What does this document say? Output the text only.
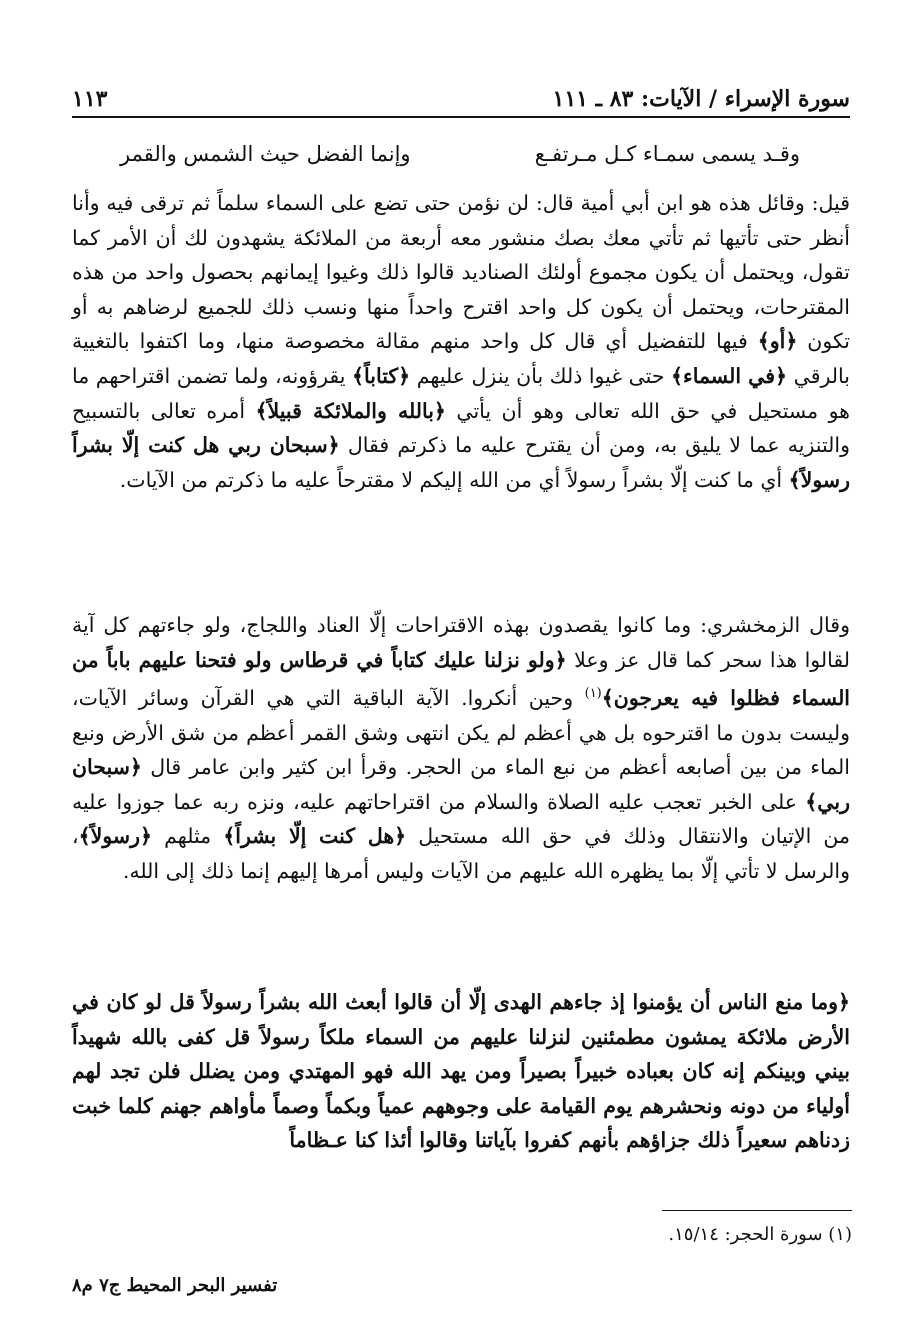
سورة الإسراء / الآيات: ٨٣ ـ ١١١
١١٣
وقـد يسمى سمـاء كـل مـرتفـع
وإنما الفضل حيث الشمس والقمر

قيل: وقائل هذه هو ابن أبي أمية قال: لن نؤمن حتى تضع على السماء سلماً ثم ترقى فيه وأنا أنظر حتى تأتيها ثم تأتي معك بصك منشور معه أربعة من الملائكة يشهدون لك أن الأمر كما تقول، ويحتمل أن يكون مجموع أولئك الصناديد قالوا ذلك وغيوا إيمانهم بحصول واحد من هذه المقترحات، ويحتمل أن يكون كل واحد اقترح واحداً منها ونسب ذلك للجميع لرضاهم به أو تكون ﴿أو﴾ فيها للتفضيل أي قال كل واحد منهم مقالة مخصوصة منها، وما اكتفوا بالتغيية بالرقي ﴿في السماء﴾ حتى غيوا ذلك بأن ينزل عليهم ﴿كتاباً﴾ يقرؤونه، ولما تضمن اقتراحهم ما هو مستحيل في حق الله تعالى وهو أن يأتي ﴿بالله والملائكة قبيلاً﴾ أمره تعالى بالتسبيح والتنزيه عما لا يليق به، ومن أن يقترح عليه ما ذكرتم فقال ﴿سبحان ربي هل كنت إلّا بشراً رسولاً﴾ أي ما كنت إلّا بشراً رسولاً أي من الله إليكم لا مقترحاً عليه ما ذكرتم من الآيات.

وقال الزمخشري: وما كانوا يقصدون بهذه الاقتراحات إلّا العناد واللجاج، ولو جاءتهم كل آية لقالوا هذا سحر كما قال عز وعلا ﴿ولو نزلنا عليك كتاباً في قرطاس ولو فتحنا عليهم باباً من السماء فظلوا فيه يعرجون﴾$^{(١)}$ وحين أنكروا. الآية الباقية التي هي القرآن وسائر الآيات، وليست بدون ما اقترحوه بل هي أعظم لم يكن انتهى وشق القمر أعظم من شق الأرض ونبع الماء من بين أصابعه أعظم من نبع الماء من الحجر. وقرأ ابن كثير وابن عامر قال ﴿سبحان ربي﴾ على الخبر تعجب عليه الصلاة والسلام من اقتراحاتهم عليه، ونزه ربه عما جوزوا عليه من الإتيان والانتقال وذلك في حق الله مستحيل ﴿هل كنت إلّا بشراً﴾ مثلهم ﴿رسولاً﴾، والرسل لا تأتي إلّا بما يظهره الله عليهم من الآيات وليس أمرها إليهم إنما ذلك إلى الله.

﴿وما منع الناس أن يؤمنوا إذ جاءهم الهدى إلّا أن قالوا أبعث الله بشراً رسولاً قل لو كان في الأرض ملائكة يمشون مطمئنين لنزلنا عليهم من السماء ملكاً رسولاً قل كفى بالله شهيداً بيني وبينكم إنه كان بعباده خبيراً بصيراً ومن يهد الله فهو المهتدي ومن يضلل فلن تجد لهم أولياء من دونه ونحشرهم يوم القيامة على وجوههم عمياً وبكماً وصماً مأواهم جهنم كلما خبت زدناهم سعيراً ذلك جزاؤهم بأنهم كفروا بآياتنا وقالوا أئذا كنا عـظاماً

(١) سورة الحجر: ١٥/١٤.
تفسير البحر المحيط ج٧ م٨
